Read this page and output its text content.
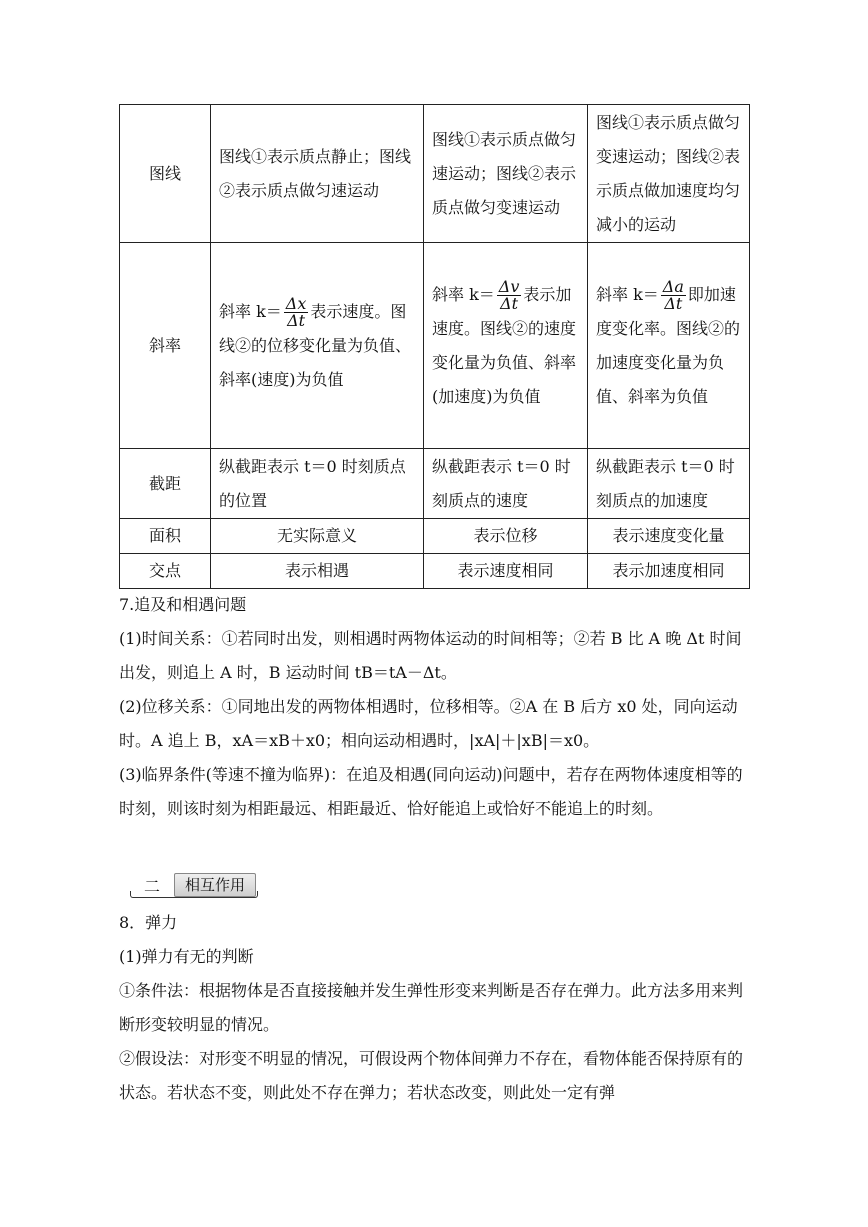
图线	图线①表示质点静止；图线②表示质点做匀速运动	图线①表示质点做匀速运动；图线②表示质点做匀变速运动	图线①表示质点做匀变速运动；图线②表示质点做加速度均匀减小的运动
斜率	斜率 $k= \frac{\Delta x}{\Delta t}$ 表示速度。图线②的位移变化量为负值、斜率(速度)为负值	斜率 $k= \frac{\Delta v}{\Delta t}$ 表示加速度。图线②的速度变化量为负值、斜率(加速度)为负值	斜率 $k= \frac{\Delta a}{\Delta t}$ 即加速度变化率。图线②的加速度变化量为负值、斜率为负值
截距	纵截距表示 t＝0 时刻质点的位置	纵截距表示 t＝0 时刻质点的速度	纵截距表示 t＝0 时刻质点的加速度
面积	无实际意义	表示位移	表示速度变化量
交点	表示相遇	表示速度相同	表示加速度相同

7.追及和相遇问题

(1)时间关系：①若同时出发，则相遇时两物体运动的时间相等；②若 B 比 A 晚 Δt 时间出发，则追上 A 时，B 运动时间 tB＝tA－Δt。

(2)位移关系：①同地出发的两物体相遇时，位移相等。②A 在 B 后方 x0 处，同向运动时。A 追上 B，xA＝xB＋x0；相向运动相遇时，|xA|＋|xB|＝x0。

(3)临界条件(等速不撞为临界)：在追及相遇(同向运动)问题中，若存在两物体速度相等的时刻，则该时刻为相距最远、相距最近、恰好能追上或恰好不能追上的时刻。

二	相互作用

8．弹力

(1)弹力有无的判断

①条件法：根据物体是否直接接触并发生弹性形变来判断是否存在弹力。此方法多用来判断形变较明显的情况。

②假设法：对形变不明显的情况，可假设两个物体间弹力不存在，看物体能否保持原有的状态。若状态不变，则此处不存在弹力；若状态改变，则此处一定有弹
